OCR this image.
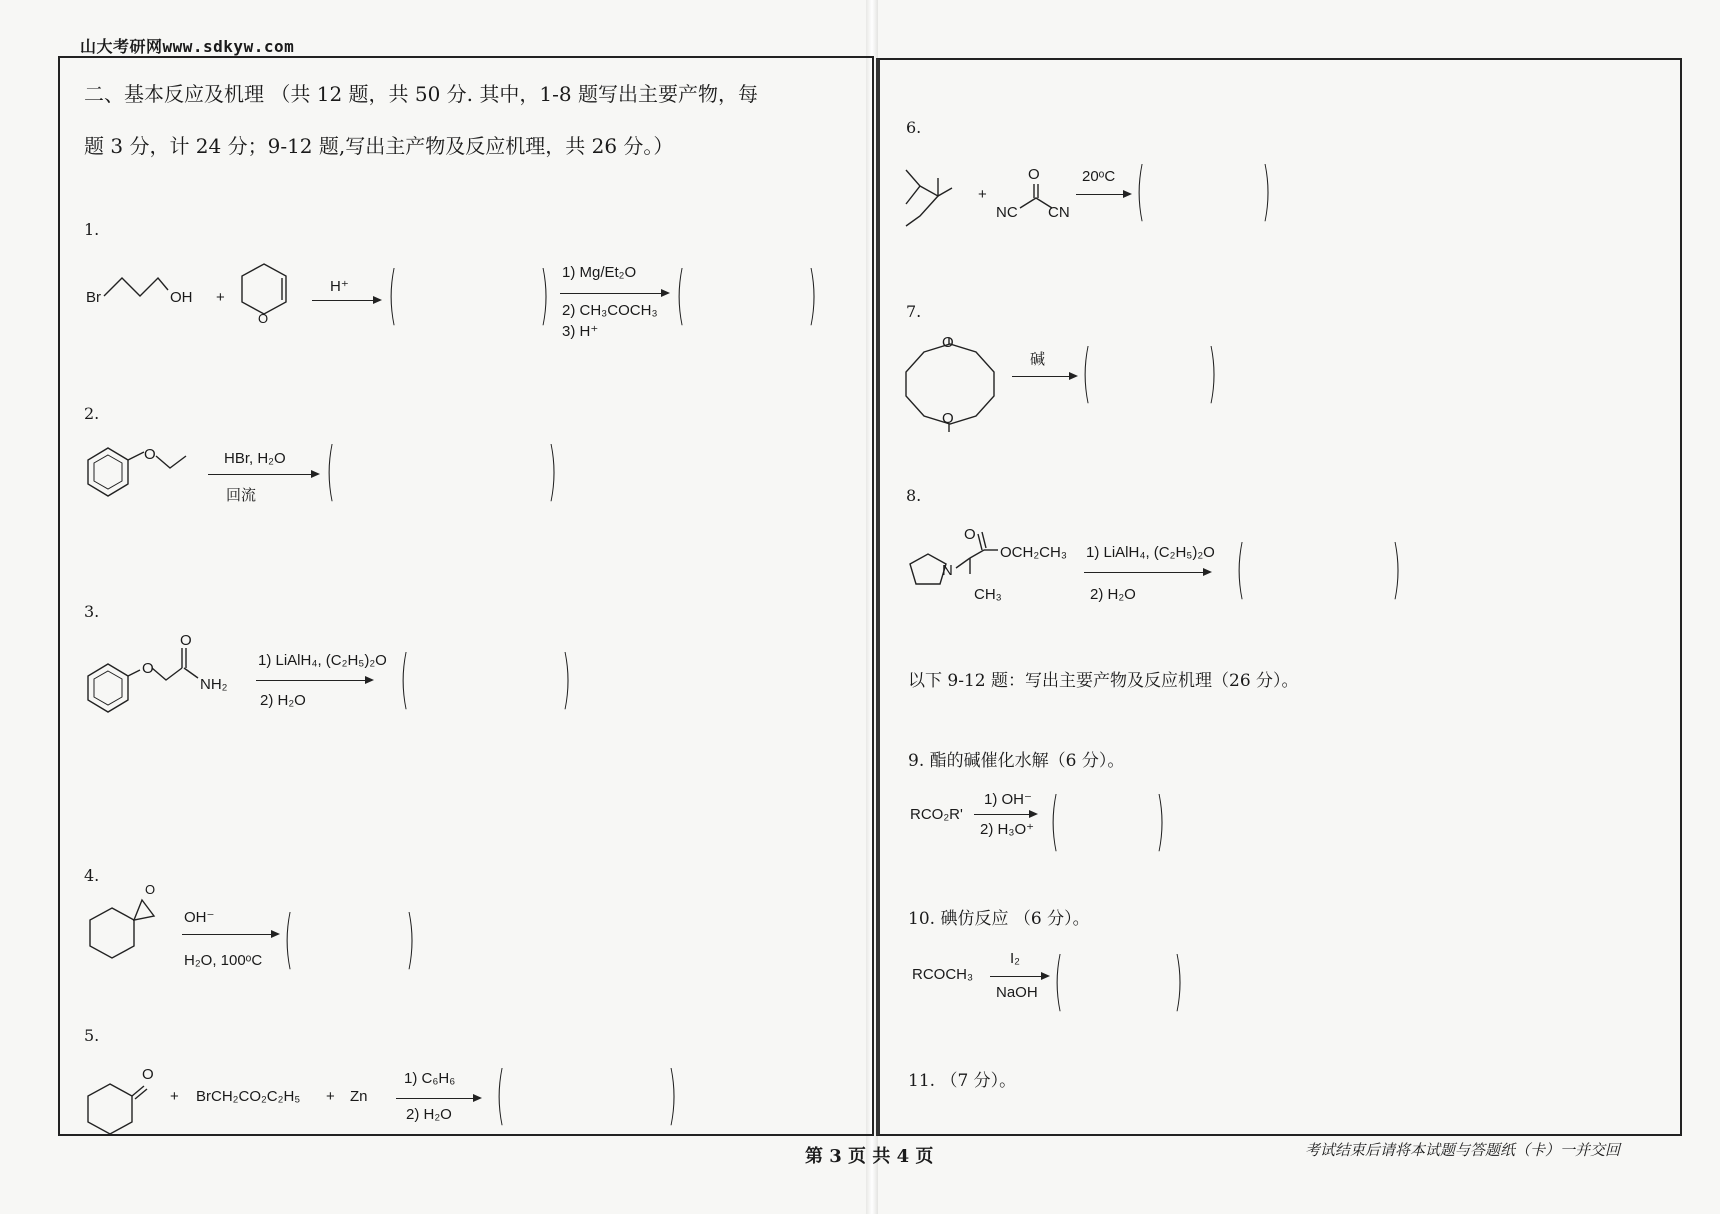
山大考研网www.sdkyw.com
二、基本反应及机理 （共 12 题，共 50 分. 其中，1-8 题写出主要产物，每
题 3 分，计 24 分；9-12 题,写出主产物及反应机理，共 26 分。）
1.
Br	OH +
O
H⁺ ( ) 1) Mg/Et₂O
2) CH₃COCH₃
3) H⁺ ( )
2.
O	HBr, H₂O
回流 (	)
3.
O
O
NH₂
1) LiAlH₄, (C₂H₅)₂O
2) H₂O ( )
4.
O
OH⁻
H₂O, 100ᵒC ( )
5.
O
+ BrCH₂CO₂C₂H₅ + Zn
1) C₆H₆
2) H₂O (	)
6.
+
O
NC CN
20ᵒC ( )
7.
O
O
碱 ( )
8.
O
OCH₂CH₃
N
CH₃
1) LiAlH₄, (C₂H₅)₂O
2) H₂O ( )
以下 9-12 题：写出主要产物及反应机理（26 分）。
9. 酯的碱催化水解（6 分）。
RCO₂R'
1) OH⁻
2) H₃O⁺ ( )
10. 碘仿反应 （6 分）。
RCOCH₃
I₂
NaOH ( )
11. （7 分）。
第 3 页 共 4 页	考试结束后请将本试题与答题纸（卡）一并交回
